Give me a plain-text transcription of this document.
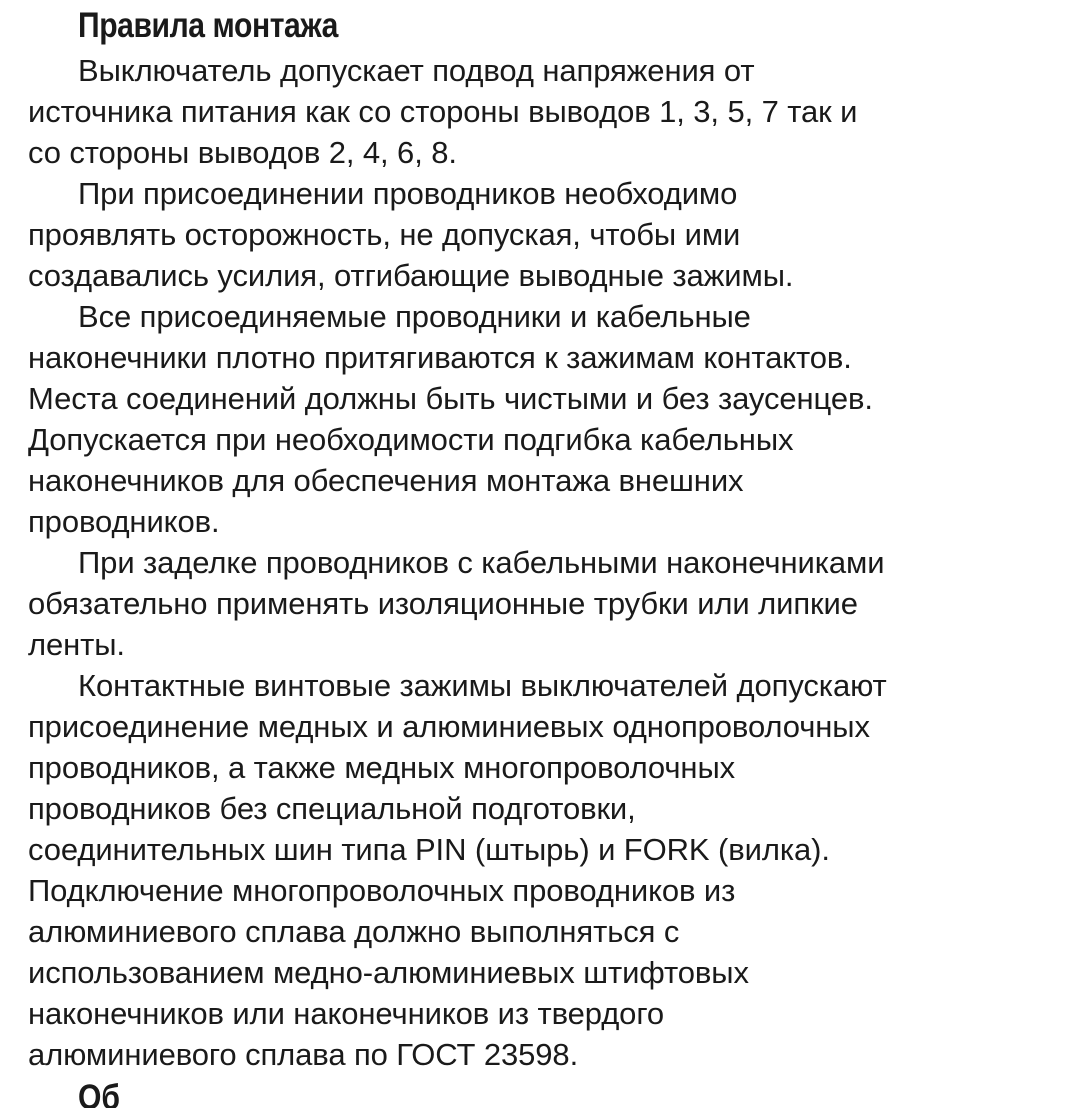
Правила монтажа
Выключатель допускает подвод напряжения от
источника питания как со стороны выводов 1, 3, 5, 7 так и
со стороны выводов 2, 4, 6, 8.
При присоединении проводников необходимо
проявлять осторожность, не допуская, чтобы ими
создавались усилия, отгибающие выводные зажимы.
Все присоединяемые проводники и кабельные
наконечники плотно притягиваются к зажимам контактов.
Места соединений должны быть чистыми и без заусенцев.
Допускается при необходимости подгибка кабельных
наконечников для обеспечения монтажа внешних
проводников.
При заделке проводников с кабельными наконечниками
обязательно применять изоляционные трубки или липкие
ленты.
Контактные винтовые зажимы выключателей допускают
присоединение медных и алюминиевых однопроволочных
проводников, а также медных многопроволочных
проводников без специальной подготовки,
соединительных шин типа PIN (штырь) и FORK (вилка).
Подключение многопроволочных проводников из
алюминиевого сплава должно выполняться с
использованием медно-алюминиевых штифтовых
наконечников или наконечников из твердого
алюминиевого сплава по ГОСТ 23598.
Об
